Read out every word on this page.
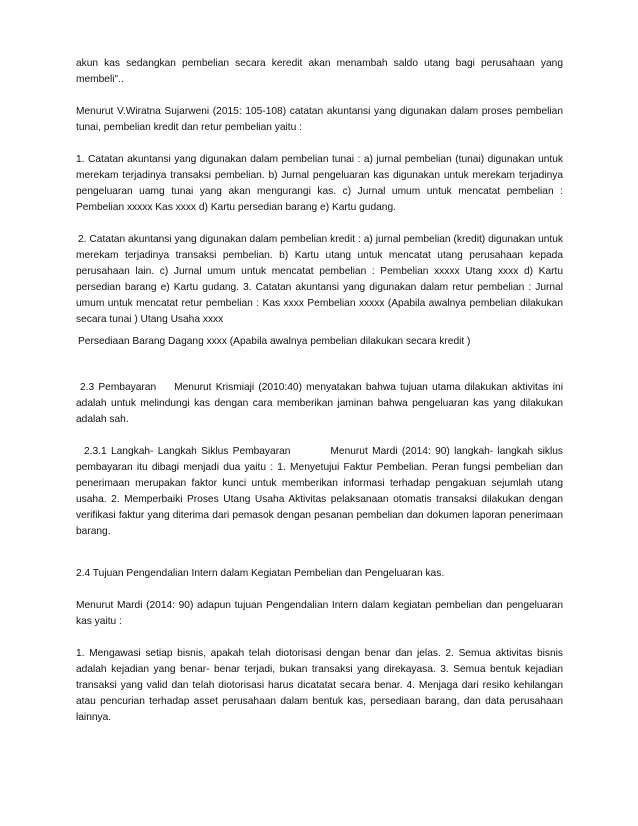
akun kas sedangkan pembelian secara keredit akan menambah saldo utang bagi perusahaan yang membeli"..

Menurut V.Wiratna Sujarweni (2015: 105-108) catatan akuntansi yang digunakan dalam proses pembelian tunai, pembelian kredit dan retur pembelian yaitu :

1. Catatan akuntansi yang digunakan dalam pembelian tunai : a) jurnal pembelian (tunai) digunakan untuk merekam terjadinya transaksi pembelian. b) Jurnal pengeluaran kas digunakan untuk merekam terjadinya pengeluaran uamg tunai yang akan mengurangi kas. c) Jurnal umum untuk mencatat pembelian : Pembelian xxxxx Kas xxxx d) Kartu persedian barang e) Kartu gudang.

2. Catatan akuntansi yang digunakan dalam pembelian kredit : a) jurnal pembelian (kredit) digunakan untuk merekam terjadinya transaksi pembelian. b) Kartu utang untuk mencatat utang perusahaan kepada perusahaan lain. c) Jurnal umum untuk mencatat pembelian : Pembelian xxxxx Utang xxxx d) Kartu persedian barang e) Kartu gudang. 3. Catatan akuntansi yang digunakan dalam retur pembelian : Jurnal umum untuk mencatat retur pembelian : Kas xxxx Pembelian xxxxx (Apabila awalnya pembelian dilakukan secara tunai ) Utang Usaha xxxx

Persediaan Barang Dagang xxxx (Apabila awalnya pembelian dilakukan secara kredit )

2.3 Pembayaran Menurut Krismiaji (2010:40) menyatakan bahwa tujuan utama dilakukan aktivitas ini adalah untuk melindungi kas dengan cara memberikan jaminan bahwa pengeluaran kas yang dilakukan adalah sah.

2.3.1 Langkah- Langkah Siklus Pembayaran	Menurut Mardi (2014: 90) langkah- langkah siklus pembayaran itu dibagi menjadi dua yaitu : 1. Menyetujui Faktur Pembelian. Peran fungsi pembelian dan penerimaan merupakan faktor kunci untuk memberikan informasi terhadap pengakuan sejumlah utang usaha. 2. Memperbaiki Proses Utang Usaha Aktivitas pelaksanaan otomatis transaksi dilakukan dengan verifikasi faktur yang diterima dari pemasok dengan pesanan pembelian dan dokumen laporan penerimaan barang.

2.4 Tujuan Pengendalian Intern dalam Kegiatan Pembelian dan Pengeluaran kas.

Menurut Mardi (2014: 90) adapun tujuan Pengendalian Intern dalam kegiatan pembelian dan pengeluaran kas yaitu :

1. Mengawasi setiap bisnis, apakah telah diotorisasi dengan benar dan jelas. 2. Semua aktivitas bisnis adalah kejadian yang benar- benar terjadi, bukan transaksi yang direkayasa. 3. Semua bentuk kejadian transaksi yang valid dan telah diotorisasi harus dicatatat secara benar. 4. Menjaga dari resiko kehilangan atau pencurian terhadap asset perusahaan dalam bentuk kas, persediaan barang, dan data perusahaan lainnya.
